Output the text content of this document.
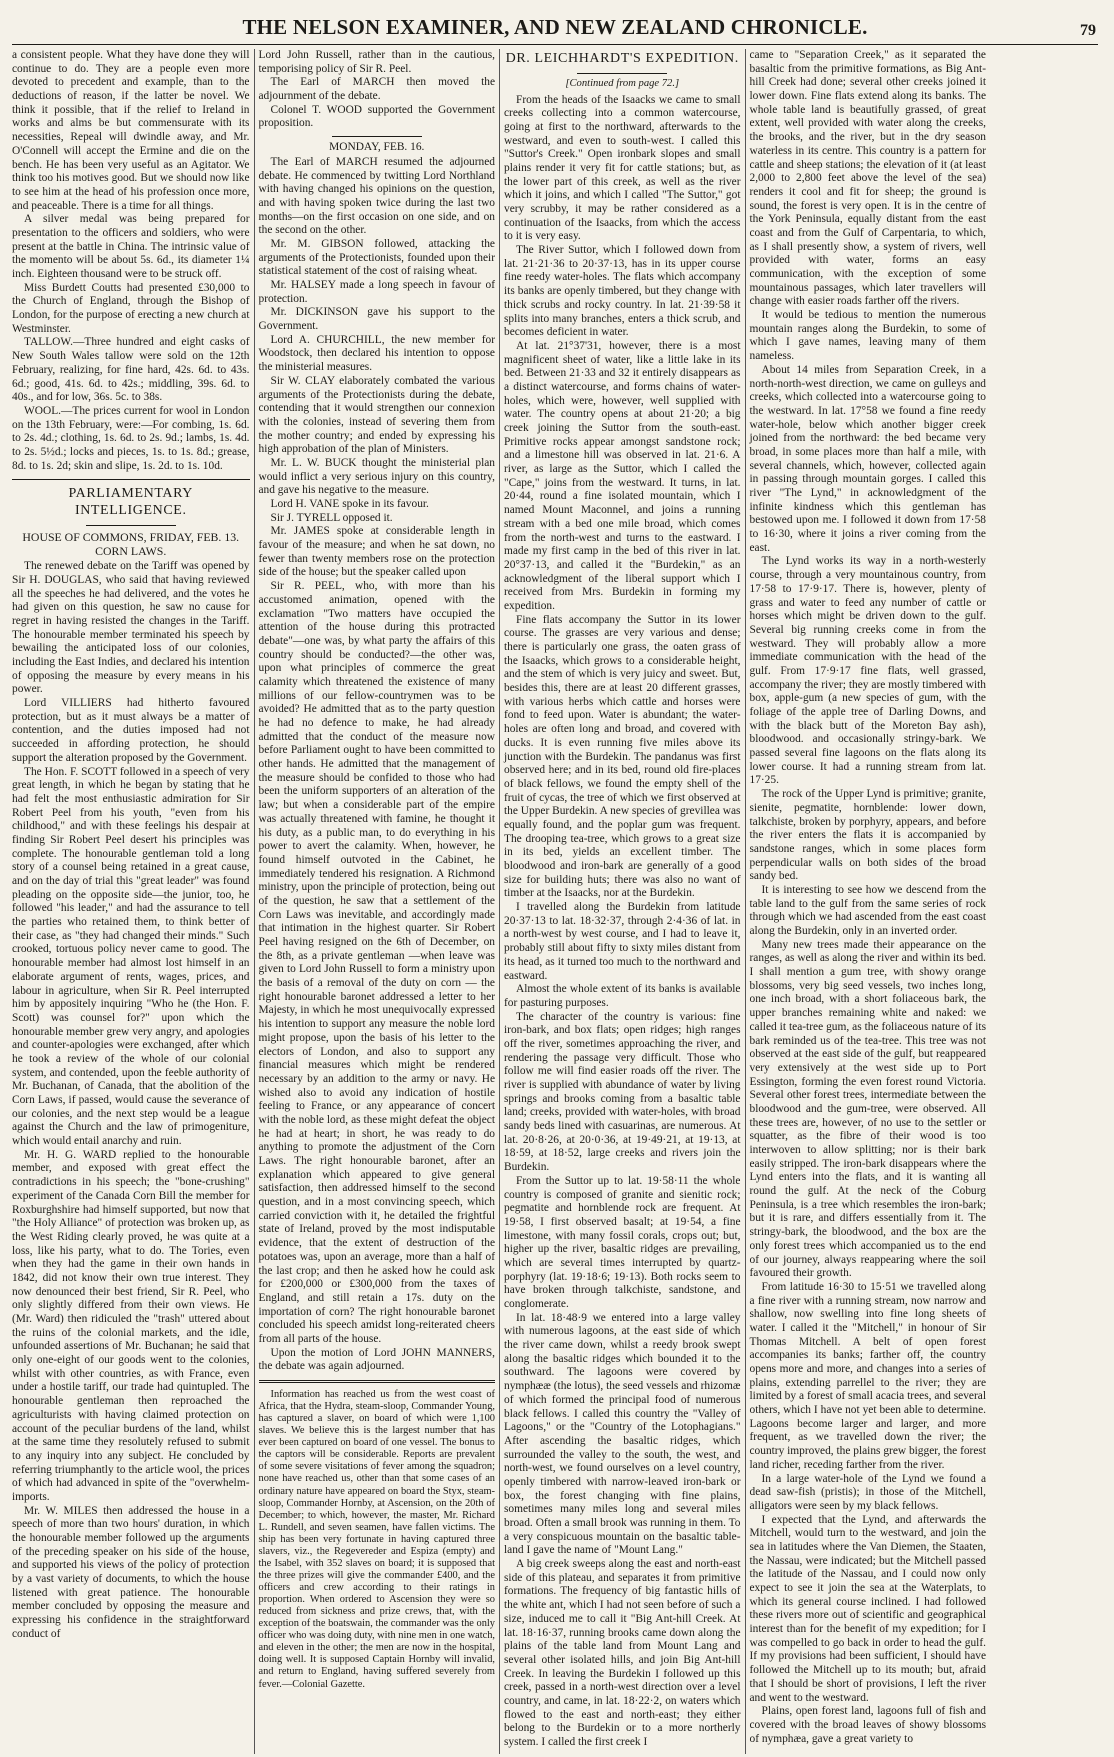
THE NELSON EXAMINER, AND NEW ZEALAND CHRONICLE.	79

a consistent people. What they have done they will continue to do. They are a people even more devoted to precedent and example, than to the deductions of reason, if the latter be novel. We think it possible, that if the relief to Ireland in works and alms be but commensurate with its necessities, Repeal will dwindle away, and Mr. O'Connell will accept the Ermine and die on the bench. He has been very useful as an Agitator. We think too his motives good. But we should now like to see him at the head of his profession once more, and peaceable. There is a time for all things.

A silver medal was being prepared for presentation to the officers and soldiers, who were present at the battle in China. The intrinsic value of the momento will be about 5s. 6d., its diameter 1¼ inch. Eighteen thousand were to be struck off.

Miss Burdett Coutts had presented £30,000 to the Church of England, through the Bishop of London, for the purpose of erecting a new church at Westminster.

TALLOW.—Three hundred and eight casks of New South Wales tallow were sold on the 12th February, realizing, for fine hard, 42s. 6d. to 43s. 6d.; good, 41s. 6d. to 42s.; middling, 39s. 6d. to 40s., and for low, 36s. 5c. to 38s.

WOOL.—The prices current for wool in London on the 13th February, were:—For combing, 1s. 6d. to 2s. 4d.; clothing, 1s. 6d. to 2s. 9d.; lambs, 1s. 4d. to 2s. 5½d.; locks and pieces, 1s. to 1s. 8d.; grease, 8d. to 1s. 2d; skin and slipe, 1s. 2d. to 1s. 10d.

PARLIAMENTARY INTELLIGENCE.
HOUSE OF COMMONS, FRIDAY, FEB. 13. CORN LAWS.

The renewed debate on the Tariff was opened by Sir H. DOUGLAS, who said that having reviewed all the speeches he had delivered, and the votes he had given on this question, he saw no cause for regret in having resisted the changes in the Tariff. The honourable member terminated his speech by bewailing the anticipated loss of our colonies, including the East Indies, and declared his intention of opposing the measure by every means in his power.

Lord VILLIERS had hitherto favoured protection, but as it must always be a matter of contention, and the duties imposed had not succeeded in affording protection, he should support the alteration proposed by the Government.

The Hon. F. SCOTT followed in a speech of very great length, in which he began by stating that he had felt the most enthusiastic admiration for Sir Robert Peel from his youth, "even from his childhood," and with these feelings his despair at finding Sir Robert Peel desert his principles was complete. The honourable gentleman told a long story of a counsel being retained in a great cause, and on the day of trial this "great leader" was found pleading on the opposite side—the junior, too, he followed "his leader," and had the assurance to tell the parties who retained them, to think better of their case, as "they had changed their minds." Such crooked, tortuous policy never came to good. The honourable member had almost lost himself in an elaborate argument of rents, wages, prices, and labour in agriculture, when Sir R. Peel interrupted him by appositely inquiring "Who he (the Hon. F. Scott) was counsel for?" upon which the honourable member grew very angry, and apologies and counter-apologies were exchanged, after which he took a review of the whole of our colonial system, and contended, upon the feeble authority of Mr. Buchanan, of Canada, that the abolition of the Corn Laws, if passed, would cause the severance of our colonies, and the next step would be a league against the Church and the law of primogeniture, which would entail anarchy and ruin.

Mr. H. G. WARD replied to the honourable member, and exposed with great effect the contradictions in his speech; the "bone-crushing" experiment of the Canada Corn Bill the member for Roxburghshire had himself supported, but now that "the Holy Alliance" of protection was broken up, as the West Riding clearly proved, he was quite at a loss, like his party, what to do. The Tories, even when they had the game in their own hands in 1842, did not know their own true interest. They now denounced their best friend, Sir R. Peel, who only slightly differed from their own views. He (Mr. Ward) then ridiculed the "trash" uttered about the ruins of the colonial markets, and the idle, unfounded assertions of Mr. Buchanan; he said that only one-eight of our goods went to the colonies, whilst with other countries, as with France, even under a hostile tariff, our trade had quintupled. The honourable gentleman then reproached the agriculturists with having claimed protection on account of the peculiar burdens of the land, whilst at the same time they resolutely refused to submit to any inquiry into any subject. He concluded by referring triumphantly to the article wool, the prices of which had advanced in spite of the "overwhelm-imports.

Mr. W. MILES then addressed the house in a speech of more than two hours' duration, in which the honourable member followed up the arguments of the preceding speaker on his side of the house, and supported his views of the policy of protection by a vast variety of documents, to which the house listened with great patience. The honourable member concluded by opposing the measure and expressing his confidence in the straightforward conduct of

Lord John Russell, rather than in the cautious, temporising policy of Sir R. Peel.

The Earl of MARCH then moved the adjournment of the debate.

Colonel T. WOOD supported the Government proposition.

MONDAY, FEB. 16.

The Earl of MARCH resumed the adjourned debate. He commenced by twitting Lord Northland with having changed his opinions on the question, and with having spoken twice during the last two months—on the first occasion on one side, and on the second on the other.

Mr. M. GIBSON followed, attacking the arguments of the Protectionists, founded upon their statistical statement of the cost of raising wheat.

Mr. HALSEY made a long speech in favour of protection.

Mr. DICKINSON gave his support to the Government.

Lord A. CHURCHILL, the new member for Woodstock, then declared his intention to oppose the ministerial measures.

Sir W. CLAY elaborately combated the various arguments of the Protectionists during the debate, contending that it would strengthen our connexion with the colonies, instead of severing them from the mother country; and ended by expressing his high approbation of the plan of Ministers.

Mr. L. W. BUCK thought the ministerial plan would inflict a very serious injury on this country, and gave his negative to the measure.

Lord H. VANE spoke in its favour.

Sir J. TYRELL opposed it.

Mr. JAMES spoke at considerable length in favour of the measure; and when he sat down, no fewer than twenty members rose on the protection side of the house; but the speaker called upon

Sir R. PEEL, who, with more than his accustomed animation, opened with the exclamation "Two matters have occupied the attention of the house during this protracted debate"—one was, by what party the affairs of this country should be conducted?—the other was, upon what principles of commerce the great calamity which threatened the existence of many millions of our fellow-countrymen was to be avoided? He admitted that as to the party question he had no defence to make, he had already admitted that the conduct of the measure now before Parliament ought to have been committed to other hands. He admitted that the management of the measure should be confided to those who had been the uniform supporters of an alteration of the law; but when a considerable part of the empire was actually threatened with famine, he thought it his duty, as a public man, to do everything in his power to avert the calamity. When, however, he found himself outvoted in the Cabinet, he immediately tendered his resignation. A Richmond ministry, upon the principle of protection, being out of the question, he saw that a settlement of the Corn Laws was inevitable, and accordingly made that intimation in the highest quarter. Sir Robert Peel having resigned on the 6th of December, on the 8th, as a private gentleman —when leave was given to Lord John Russell to form a ministry upon the basis of a removal of the duty on corn — the right honourable baronet addressed a letter to her Majesty, in which he most unequivocally expressed his intention to support any measure the noble lord might propose, upon the basis of his letter to the electors of London, and also to support any financial measures which might be rendered necessary by an addition to the army or navy. He wished also to avoid any indication of hostile feeling to France, or any appearance of concert with the noble lord, as these might defeat the object he had at heart; in short, he was ready to do anything to promote the adjustment of the Corn Laws. The right honourable baronet, after an explanation which appeared to give general satisfaction, then addressed himself to the second question, and in a most convincing speech, which carried conviction with it, he detailed the frightful state of Ireland, proved by the most indisputable evidence, that the extent of destruction of the potatoes was, upon an average, more than a half of the last crop; and then he asked how he could ask for £200,000 or £300,000 from the taxes of England, and still retain a 17s. duty on the importation of corn? The right honourable baronet concluded his speech amidst long-reiterated cheers from all parts of the house.

Upon the motion of Lord JOHN MANNERS, the debate was again adjourned.

Information has reached us from the west coast of Africa, that the Hydra, steam-sloop, Commander Young, has captured a slaver, on board of which were 1,100 slaves. We believe this is the largest number that has ever been captured on board of one vessel. The bonus to the captors will be considerable. Reports are prevalent of some severe visitations of fever among the squadron; none have reached us, other than that some cases of an ordinary nature have appeared on board the Styx, steam-sloop, Commander Hornby, at Ascension, on the 20th of December; to which, however, the master, Mr. Richard L. Rundell, and seven seamen, have fallen victims. The ship has been very fortunate in having captured three slavers, viz., the Regevereder and Espiza (empty) and the Isabel, with 352 slaves on board; it is supposed that the three prizes will give the commander £400, and the officers and crew according to their ratings in proportion. When ordered to Ascension they were so reduced from sickness and prize crews, that, with the exception of the boatswain, the commander was the only officer who was doing duty, with nine men in one watch, and eleven in the other; the men are now in the hospital, doing well. It is supposed Captain Hornby will invalid, and return to England, having suffered severely from fever.—Colonial Gazette.

DR. LEICHHARDT'S EXPEDITION.
[Continued from page 72.]

From the heads of the Isaacks we came to small creeks collecting into a common watercourse, going at first to the northward, afterwards to the westward, and even to south-west. I called this "Suttor's Creek." Open ironbark slopes and small plains render it very fit for cattle stations; but, as the lower part of this creek, as well as the river which it joins, and which I called "The Suttor," got very scrubby, it may be rather considered as a continuation of the Isaacks, from which the access to it is very easy.

The River Suttor, which I followed down from lat. 21·21·36 to 20·37·13, has in its upper course fine reedy water-holes. The flats which accompany its banks are openly timbered, but they change with thick scrubs and rocky country. In lat. 21·39·58 it splits into many branches, enters a thick scrub, and becomes deficient in water.

At lat. 21°37'31, however, there is a most magnificent sheet of water, like a little lake in its bed. Between 21·33 and 32 it entirely disappears as a distinct watercourse, and forms chains of water-holes, which were, however, well supplied with water. The country opens at about 21·20; a big creek joining the Suttor from the south-east. Primitive rocks appear amongst sandstone rock; and a limestone hill was observed in lat. 21·6. A river, as large as the Suttor, which I called the "Cape," joins from the westward. It turns, in lat. 20·44, round a fine isolated mountain, which I named Mount Maconnel, and joins a running stream with a bed one mile broad, which comes from the north-west and turns to the eastward. I made my first camp in the bed of this river in lat. 20°37·13, and called it the "Burdekin," as an acknowledgment of the liberal support which I received from Mrs. Burdekin in forming my expedition.

Fine flats accompany the Suttor in its lower course. The grasses are very various and dense; there is particularly one grass, the oaten grass of the Isaacks, which grows to a considerable height, and the stem of which is very juicy and sweet. But, besides this, there are at least 20 different grasses, with various herbs which cattle and horses were fond to feed upon. Water is abundant; the water-holes are often long and broad, and covered with ducks. It is even running five miles above its junction with the Burdekin. The pandanus was first observed here; and in its bed, round old fire-places of black fellows, we found the empty shell of the fruit of cycas, the tree of which we first observed at the Upper Burdekin. A new species of grevillea was equally found, and the poplar gum was frequent. The drooping tea-tree, which grows to a great size in its bed, yields an excellent timber. The bloodwood and iron-bark are generally of a good size for building huts; there was also no want of timber at the Isaacks, nor at the Burdekin.

I travelled along the Burdekin from latitude 20·37·13 to lat. 18·32·37, through 2·4·36 of lat. in a north-west by west course, and I had to leave it, probably still about fifty to sixty miles distant from its head, as it turned too much to the northward and eastward.

Almost the whole extent of its banks is available for pasturing purposes.

The character of the country is various: fine iron-bark, and box flats; open ridges; high ranges off the river, sometimes approaching the river, and rendering the passage very difficult. Those who follow me will find easier roads off the river. The river is supplied with abundance of water by living springs and brooks coming from a basaltic table land; creeks, provided with water-holes, with broad sandy beds lined with casuarinas, are numerous. At lat. 20·8·26, at 20·0·36, at 19·49·21, at 19·13, at 18·59, at 18·52, large creeks and rivers join the Burdekin.

From the Suttor up to lat. 19·58·11 the whole country is composed of granite and sienitic rock; pegmatite and hornblende rock are frequent. At 19·58, I first observed basalt; at 19·54, a fine limestone, with many fossil corals, crops out; but, higher up the river, basaltic ridges are prevailing, which are several times interrupted by quartz-porphyry (lat. 19·18·6; 19·13). Both rocks seem to have broken through talkchiste, sandstone, and conglomerate.

In lat. 18·48·9 we entered into a large valley with numerous lagoons, at the east side of which the river came down, whilst a reedy brook swept along the basaltic ridges which bounded it to the southward. The lagoons were covered by nymphææ (the lotus), the seed vessels and rhizomæ of which formed the principal food of numerous black fellows. I called this country the "Valley of Lagoons," or the "Country of the Lotophagians." After ascending the basaltic ridges, which surrounded the valley to the south, the west, and north-west, we found ourselves on a level country, openly timbered with narrow-leaved iron-bark or box, the forest changing with fine plains, sometimes many miles long and several miles broad. Often a small brook was running in them. To a very conspicuous mountain on the basaltic table-land I gave the name of "Mount Lang."

A big creek sweeps along the east and north-east side of this plateau, and separates it from primitive formations. The frequency of big fantastic hills of the white ant, which I had not seen before of such a size, induced me to call it "Big Ant-hill Creek. At lat. 18·16·37, running brooks came down along the plains of the table land from Mount Lang and several other isolated hills, and join Big Ant-hill Creek. In leaving the Burdekin I followed up this creek, passed in a north-west direction over a level country, and came, in lat. 18·22·2, on waters which flowed to the east and north-east; they either belong to the Burdekin or to a more northerly system. I called the first creek I

came to "Separation Creek," as it separated the basaltic from the primitive formations, as Big Ant-hill Creek had done; several other creeks joined it lower down. Fine flats extend along its banks. The whole table land is beautifully grassed, of great extent, well provided with water along the creeks, the brooks, and the river, but in the dry season waterless in its centre. This country is a pattern for cattle and sheep stations; the elevation of it (at least 2,000 to 2,800 feet above the level of the sea) renders it cool and fit for sheep; the ground is sound, the forest is very open. It is in the centre of the York Peninsula, equally distant from the east coast and from the Gulf of Carpentaria, to which, as I shall presently show, a system of rivers, well provided with water, forms an easy communication, with the exception of some mountainous passages, which later travellers will change with easier roads farther off the rivers.

It would be tedious to mention the numerous mountain ranges along the Burdekin, to some of which I gave names, leaving many of them nameless.

About 14 miles from Separation Creek, in a north-north-west direction, we came on gulleys and creeks, which collected into a watercourse going to the westward. In lat. 17°58 we found a fine reedy water-hole, below which another bigger creek joined from the northward: the bed became very broad, in some places more than half a mile, with several channels, which, however, collected again in passing through mountain gorges. I called this river "The Lynd," in acknowledgment of the infinite kindness which this gentleman has bestowed upon me. I followed it down from 17·58 to 16·30, where it joins a river coming from the east.

The Lynd works its way in a north-westerly course, through a very mountainous country, from 17·58 to 17·9·17. There is, however, plenty of grass and water to feed any number of cattle or horses which might be driven down to the gulf. Several big running creeks come in from the westward. They will probably allow a more immediate communication with the head of the gulf. From 17·9·17 fine flats, well grassed, accompany the river; they are mostly timbered with box, apple-gum (a new species of gum, with the foliage of the apple tree of Darling Downs, and with the black butt of the Moreton Bay ash), bloodwood. and occasionally stringy-bark. We passed several fine lagoons on the flats along its lower course. It had a running stream from lat. 17·25.

The rock of the Upper Lynd is primitive; granite, sienite, pegmatite, hornblende: lower down, talkchiste, broken by porphyry, appears, and before the river enters the flats it is accompanied by sandstone ranges, which in some places form perpendicular walls on both sides of the broad sandy bed.

It is interesting to see how we descend from the table land to the gulf from the same series of rock through which we had ascended from the east coast along the Burdekin, only in an inverted order.

Many new trees made their appearance on the ranges, as well as along the river and within its bed. I shall mention a gum tree, with showy orange blossoms, very big seed vessels, two inches long, one inch broad, with a short foliaceous bark, the upper branches remaining white and naked: we called it tea-tree gum, as the foliaceous nature of its bark reminded us of the tea-tree. This tree was not observed at the east side of the gulf, but reappeared very extensively at the west side up to Port Essington, forming the even forest round Victoria. Several other forest trees, intermediate between the bloodwood and the gum-tree, were observed. All these trees are, however, of no use to the settler or squatter, as the fibre of their wood is too interwoven to allow splitting; nor is their bark easily stripped. The iron-bark disappears where the Lynd enters into the flats, and it is wanting all round the gulf. At the neck of the Coburg Peninsula, is a tree which resembles the iron-bark; but it is rare, and differs essentially from it. The stringy-bark, the bloodwood, and the box are the only forest trees which accompanied us to the end of our journey, always reappearing where the soil favoured their growth.

From latitude 16·30 to 15·51 we travelled along a fine river with a running stream, now narrow and shallow, now swelling into fine long sheets of water. I called it the "Mitchell," in honour of Sir Thomas Mitchell. A belt of open forest accompanies its banks; farther off, the country opens more and more, and changes into a series of plains, extending parrellel to the river; they are limited by a forest of small acacia trees, and several others, which I have not yet been able to determine. Lagoons become larger and larger, and more frequent, as we travelled down the river; the country improved, the plains grew bigger, the forest land richer, receding farther from the river.

In a large water-hole of the Lynd we found a dead saw-fish (pristis); in those of the Mitchell, alligators were seen by my black fellows.

I expected that the Lynd, and afterwards the Mitchell, would turn to the westward, and join the sea in latitudes where the Van Diemen, the Staaten, the Nassau, were indicated; but the Mitchell passed the latitude of the Nassau, and I could now only expect to see it join the sea at the Waterplats, to which its general course inclined. I had followed these rivers more out of scientific and geographical interest than for the benefit of my expedition; for I was compelled to go back in order to head the gulf. If my provisions had been sufficient, I should have followed the Mitchell up to its mouth; but, afraid that I should be short of provisions, I left the river and went to the westward.

Plains, open forest land, lagoons full of fish and covered with the broad leaves of showy blossoms of nymphæa, gave a great variety to
